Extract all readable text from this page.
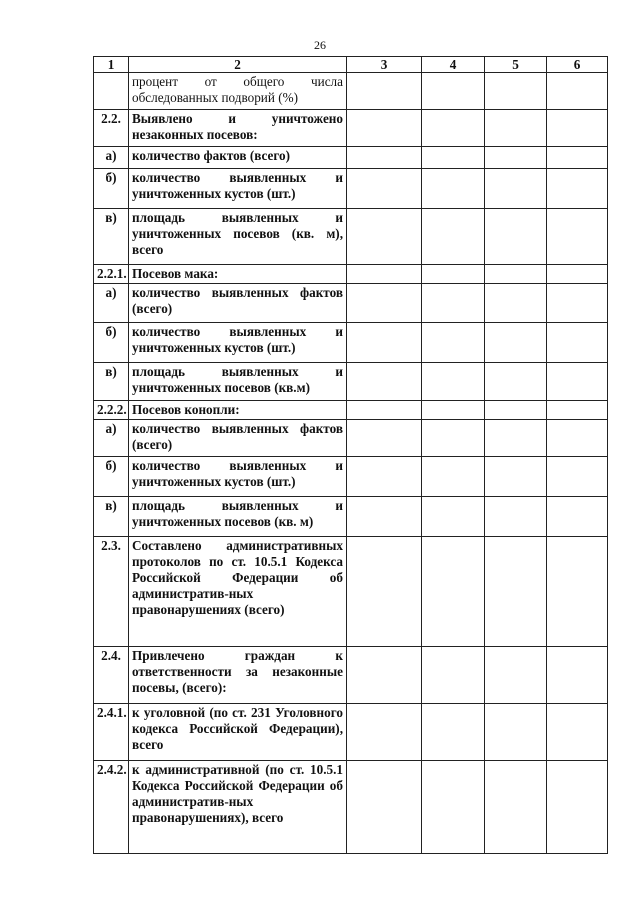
26
1	2	3	4	5	6
	процент от общего числа обследованных подворий (%)				
2.2.	Выявлено и уничтожено незаконных посевов:				
а)	количество фактов (всего)				
б)	количество выявленных и уничтоженных кустов (шт.)				
в)	площадь выявленных и уничтоженных посевов (кв. м), всего				
2.2.1.	Посевов мака:				
а)	количество выявленных фактов (всего)				
б)	количество выявленных и уничтоженных кустов (шт.)				
в)	площадь выявленных и уничтоженных посевов (кв.м)				
2.2.2.	Посевов конопли:				
а)	количество выявленных фактов (всего)				
б)	количество выявленных и уничтоженных кустов (шт.)				
в)	площадь выявленных и уничтоженных посевов (кв. м)				
2.3.	Составлено административных протоколов по ст. 10.5.1 Кодекса Российской Федерации об административ-ных правонарушениях (всего)				
2.4.	Привлечено граждан к ответственности за незаконные посевы, (всего):				
2.4.1.	к уголовной (по ст. 231 Уголовного кодекса Российской Федерации), всего				
2.4.2.	к административной (по ст. 10.5.1 Кодекса Российской Федерации об административ-ных правонарушениях), всего				
